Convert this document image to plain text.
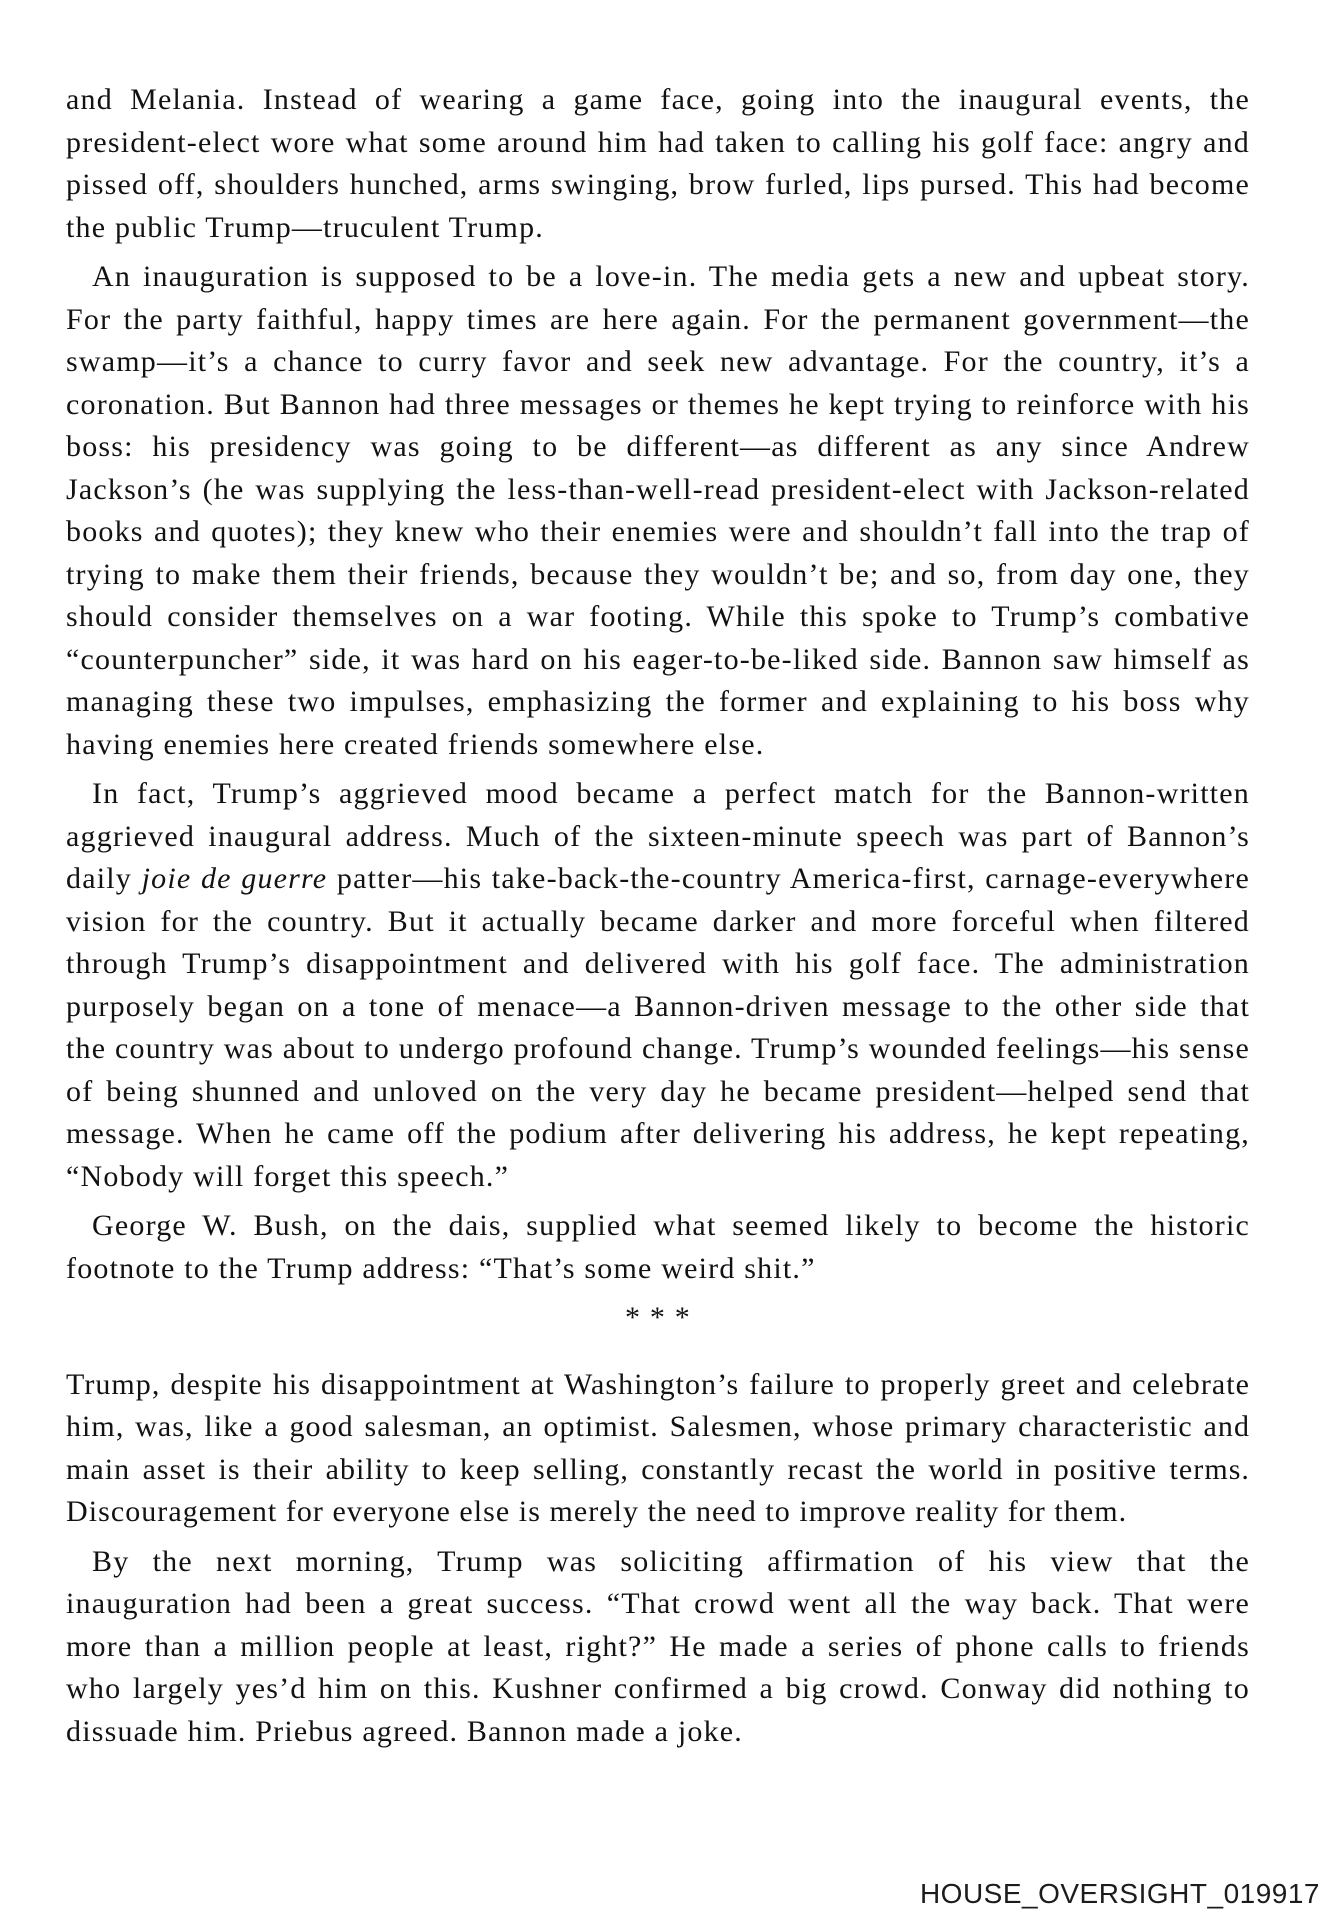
and Melania. Instead of wearing a game face, going into the inaugural events, the president-elect wore what some around him had taken to calling his golf face: angry and pissed off, shoulders hunched, arms swinging, brow furled, lips pursed. This had become the public Trump—truculent Trump.

An inauguration is supposed to be a love-in. The media gets a new and upbeat story. For the party faithful, happy times are here again. For the permanent government—the swamp—it’s a chance to curry favor and seek new advantage. For the country, it’s a coronation. But Bannon had three messages or themes he kept trying to reinforce with his boss: his presidency was going to be different—as different as any since Andrew Jackson’s (he was supplying the less-than-well-read president-elect with Jackson-related books and quotes); they knew who their enemies were and shouldn’t fall into the trap of trying to make them their friends, because they wouldn’t be; and so, from day one, they should consider themselves on a war footing. While this spoke to Trump’s combative “counterpuncher” side, it was hard on his eager-to-be-liked side. Bannon saw himself as managing these two impulses, emphasizing the former and explaining to his boss why having enemies here created friends somewhere else.

In fact, Trump’s aggrieved mood became a perfect match for the Bannon-written aggrieved inaugural address. Much of the sixteen-minute speech was part of Bannon’s daily joie de guerre patter—his take-back-the-country America-first, carnage-everywhere vision for the country. But it actually became darker and more forceful when filtered through Trump’s disappointment and delivered with his golf face. The administration purposely began on a tone of menace—a Bannon-driven message to the other side that the country was about to undergo profound change. Trump’s wounded feelings—his sense of being shunned and unloved on the very day he became president—helped send that message. When he came off the podium after delivering his address, he kept repeating, “Nobody will forget this speech.”

George W. Bush, on the dais, supplied what seemed likely to become the historic footnote to the Trump address: “That’s some weird shit.”

* * *

Trump, despite his disappointment at Washington’s failure to properly greet and celebrate him, was, like a good salesman, an optimist. Salesmen, whose primary characteristic and main asset is their ability to keep selling, constantly recast the world in positive terms. Discouragement for everyone else is merely the need to improve reality for them.

By the next morning, Trump was soliciting affirmation of his view that the inauguration had been a great success. “That crowd went all the way back. That were more than a million people at least, right?” He made a series of phone calls to friends who largely yes’d him on this. Kushner confirmed a big crowd. Conway did nothing to dissuade him. Priebus agreed. Bannon made a joke.

HOUSE_OVERSIGHT_019917
